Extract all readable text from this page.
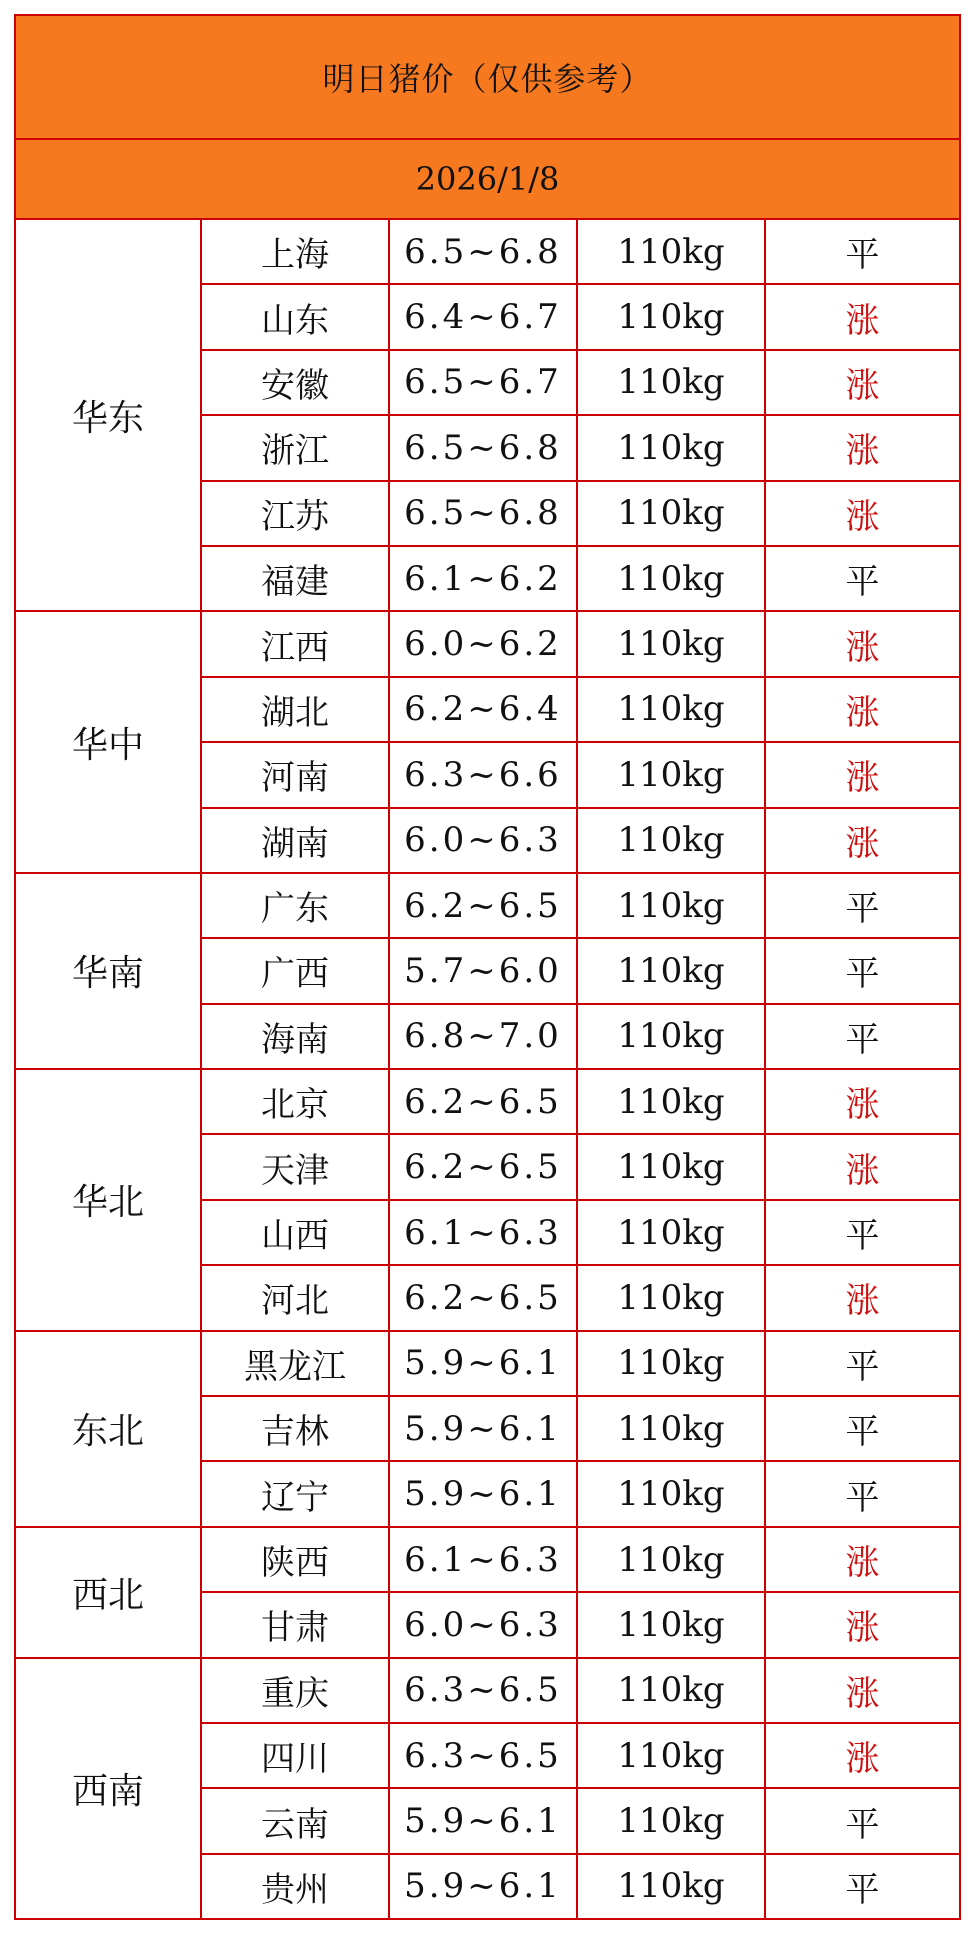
明日猪价（仅供参考）				
2026/1/8				
华东	上海	6.5~6.8	110kg	平
	山东	6.4~6.7	110kg	涨
	安徽	6.5~6.7	110kg	涨
	浙江	6.5~6.8	110kg	涨
	江苏	6.5~6.8	110kg	涨
	福建	6.1~6.2	110kg	平
华中	江西	6.0~6.2	110kg	涨
	湖北	6.2~6.4	110kg	涨
	河南	6.3~6.6	110kg	涨
	湖南	6.0~6.3	110kg	涨
华南	广东	6.2~6.5	110kg	平
	广西	5.7~6.0	110kg	平
	海南	6.8~7.0	110kg	平
华北	北京	6.2~6.5	110kg	涨
	天津	6.2~6.5	110kg	涨
	山西	6.1~6.3	110kg	平
	河北	6.2~6.5	110kg	涨
东北	黑龙江	5.9~6.1	110kg	平
	吉林	5.9~6.1	110kg	平
	辽宁	5.9~6.1	110kg	平
西北	陕西	6.1~6.3	110kg	涨
	甘肃	6.0~6.3	110kg	涨
西南	重庆	6.3~6.5	110kg	涨
	四川	6.3~6.5	110kg	涨
	云南	5.9~6.1	110kg	平
	贵州	5.9~6.1	110kg	平
